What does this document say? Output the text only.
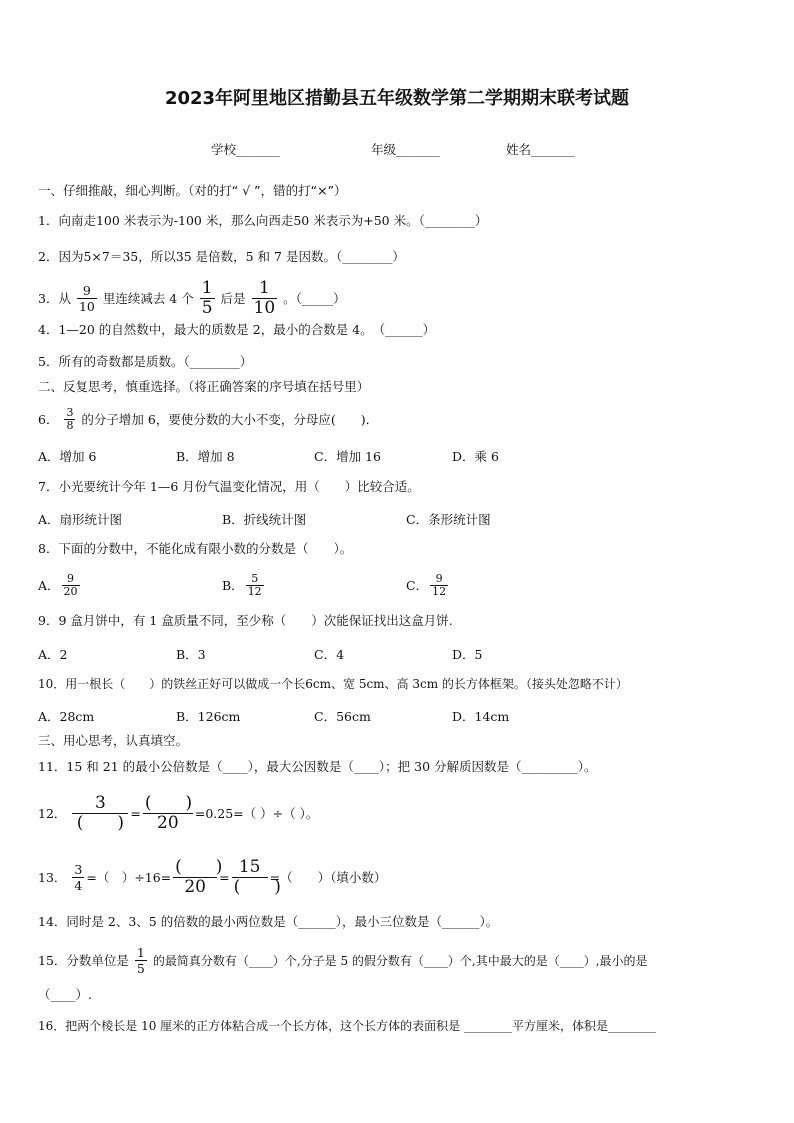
2023年阿里地区措勤县五年级数学第二学期期末联考试题
学校_______	年级_______	姓名_______
一、仔细推敲，细心判断。（对的打“ √ ”，错的打“×”）
1．向南走100 米表示为-100 米，那么向西走50 米表示为+50 米。（________）
2．因为5×7＝35，所以35 是倍数，5 和 7 是因数。（________）
3．从 $\frac{9}{10}$ 里连续减去 4 个 $\frac{1}{5}$ 后是 $\frac{1}{10}$ 。（_____）
4．1—20 的自然数中，最大的质数是 2，最小的合数是 4。　（______）
5．所有的奇数都是质数。（________）
二、反复思考，慎重选择。（将正确答案的序号填在括号里）
6． $\frac{3}{8}$ 的分子增加 6，要使分数的大小不变，分母应(　　)．
A．增加 6	B．增加 8	C．增加 16	D．乘 6
7．小光要统计今年 1—6 月份气温变化情况，用（　　）比较合适。
A．扇形统计图	B．折线统计图	C．条形统计图
8．下面的分数中，不能化成有限小数的分数是（　　）。
A． $\frac{9}{20}$	B． $\frac{5}{12}$	C． $\frac{9}{12}$
9．9 盒月饼中，有 1 盒质量不同，至少称（　　）次能保证找出这盒月饼.
A．2	B．3	C．4	D．5
10．用一根长（　　）的铁丝正好可以做成一个长6cm、宽 5cm、高 3cm 的长方体框架。（接头处忽略不计）
A．28cm	B．126cm	C．56cm	D．14cm
三、用心思考，认真填空。
11．15 和 21 的最小公倍数是（____），最大公因数是（____）；把 30 分解质因数是（_________）。
12．	3
(　　) = (　　)
20	=0.25=（ ）÷（ ）。
13． $\frac{3}{4}$ =（　）÷16= (　　)
20	= 15
(　　)
=（　　）（填小数）
14．同时是 2、3、5 的倍数的最小两位数是（______），最小三位数是（______）。
15．分数单位是 $\frac{1}{5}$ 的最简真分数有（____）个,分子是 5 的假分数有（____）个,其中最大的是（____）,最小的是
（____）.
16．把两个棱长是 10 厘米的正方体粘合成一个长方体，这个长方体的表面积是 ________平方厘米，体积是________
